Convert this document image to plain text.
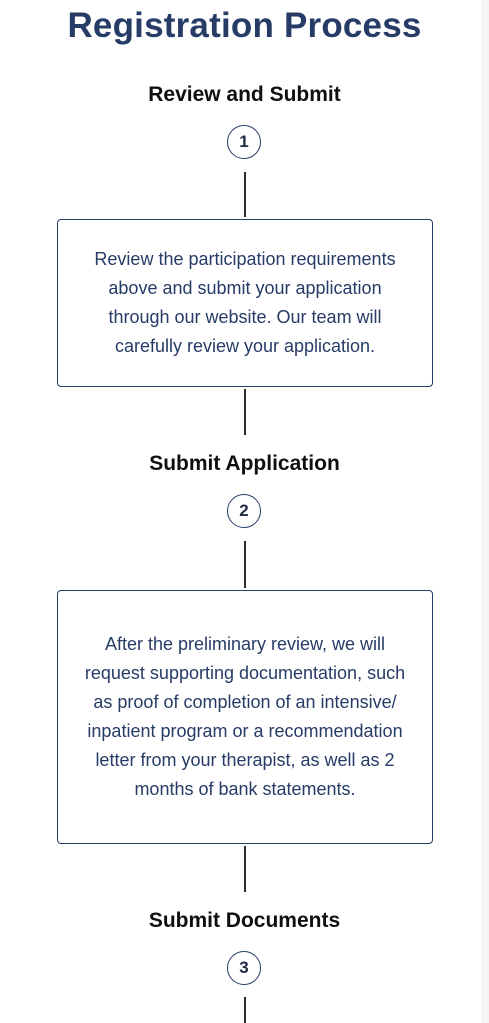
Registration Process
Review and Submit
1
Review the participation requirements above and submit your application through our website. Our team will carefully review your application.
Submit Application
2
After the preliminary review, we will request supporting documentation, such as proof of completion of an intensive/ inpatient program or a recommendation letter from your therapist, as well as 2 months of bank statements.
Submit Documents
3
